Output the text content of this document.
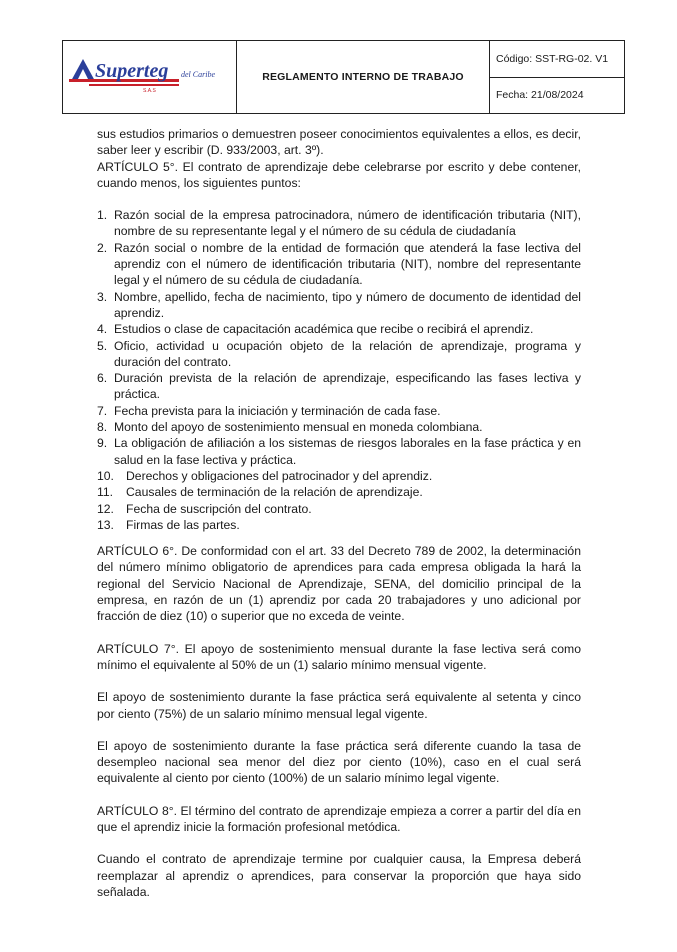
Superteg del Caribe
S.A.S
REGLAMENTO INTERNO DE TRABAJO
Código: SST-RG-02. V1
Fecha: 21/08/2024

sus estudios primarios o demuestren poseer conocimientos equivalentes a ellos, es decir, saber leer y escribir (D. 933/2003, art. 3º).

ARTÍCULO 5°. El contrato de aprendizaje debe celebrarse por escrito y debe contener, cuando menos, los siguientes puntos:

1. Razón social de la empresa patrocinadora, número de identificación tributaria (NIT), nombre de su representante legal y el número de su cédula de ciudadanía
2. Razón social o nombre de la entidad de formación que atenderá la fase lectiva del aprendiz con el número de identificación tributaria (NIT), nombre del representante legal y el número de su cédula de ciudadanía.
3. Nombre, apellido, fecha de nacimiento, tipo y número de documento de identidad del aprendiz.
4. Estudios o clase de capacitación académica que recibe o recibirá el aprendiz.
5. Oficio, actividad u ocupación objeto de la relación de aprendizaje, programa y duración del contrato.
6. Duración prevista de la relación de aprendizaje, especificando las fases lectiva y práctica.
7. Fecha prevista para la iniciación y terminación de cada fase.
8. Monto del apoyo de sostenimiento mensual en moneda colombiana.
9. La obligación de afiliación a los sistemas de riesgos laborales en la fase práctica y en salud en la fase lectiva y práctica.
10. Derechos y obligaciones del patrocinador y del aprendiz.
11.	Causales de terminación de la relación de aprendizaje.
12. Fecha de suscripción del contrato.
13. Firmas de las partes.

ARTÍCULO 6°. De conformidad con el art. 33 del Decreto 789 de 2002, la determinación del número mínimo obligatorio de aprendices para cada empresa obligada la hará la regional del Servicio Nacional de Aprendizaje, SENA, del domicilio principal de la empresa, en razón de un (1) aprendiz por cada 20 trabajadores y uno adicional por fracción de diez (10) o superior que no exceda de veinte.

ARTÍCULO 7°. El apoyo de sostenimiento mensual durante la fase lectiva será como mínimo el equivalente al 50% de un (1) salario mínimo mensual vigente.

El apoyo de sostenimiento durante la fase práctica será equivalente al setenta y cinco por ciento (75%) de un salario mínimo mensual legal vigente.

El apoyo de sostenimiento durante la fase práctica será diferente cuando la tasa de desempleo nacional sea menor del diez por ciento (10%), caso en el cual será equivalente al ciento por ciento (100%) de un salario mínimo legal vigente.

ARTÍCULO 8°. El término del contrato de aprendizaje empieza a correr a partir del día en que el aprendiz inicie la formación profesional metódica.

Cuando el contrato de aprendizaje termine por cualquier causa, la Empresa deberá reemplazar al aprendiz o aprendices, para conservar la proporción que haya sido señalada.
